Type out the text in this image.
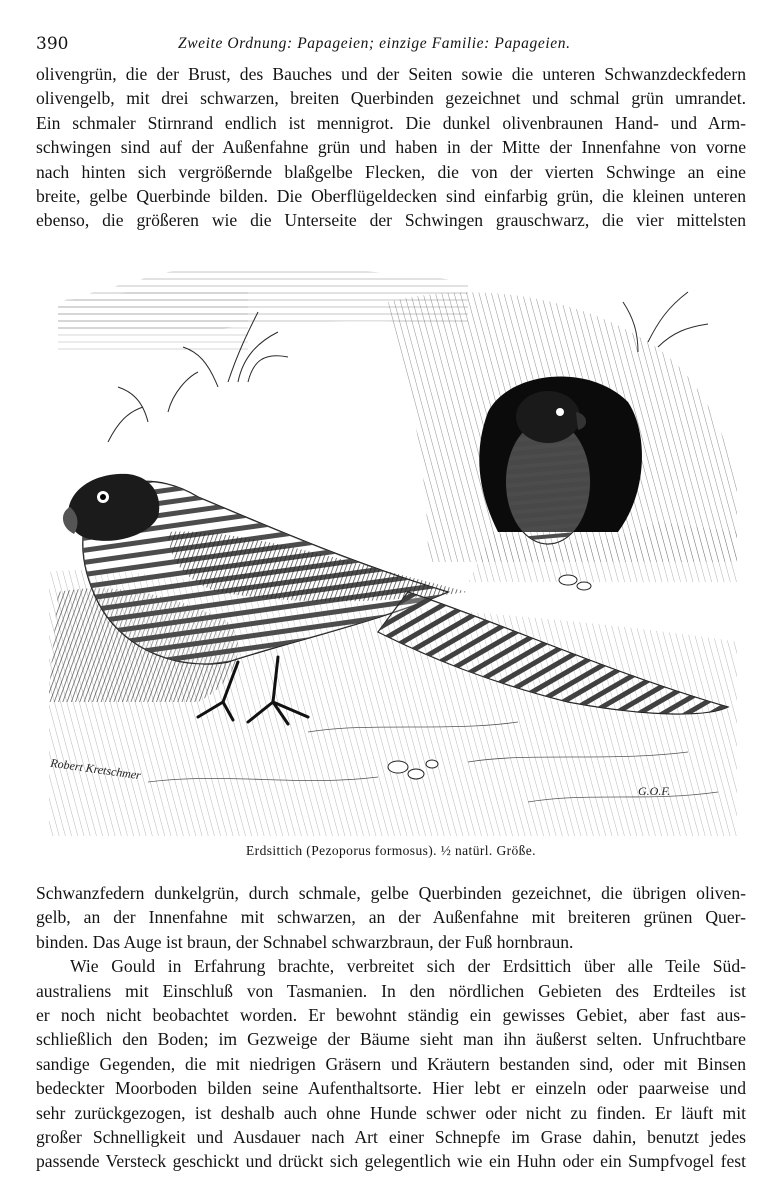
390	Zweite Ordnung: Papageien; einzige Familie: Papageien.
olivengrün, die der Brust, des Bauches und der Seiten sowie die unteren Schwanzdeckfedern
olivengelb, mit drei schwarzen, breiten Querbinden gezeichnet und schmal grün umrandet.
Ein schmaler Stirnrand endlich ist mennigrot. Die dunkel olivenbraunen Hand- und Arm-
schwingen sind auf der Außenfahne grün und haben in der Mitte der Innenfahne von vorne
nach hinten sich vergrößernde blaßgelbe Flecken, die von der vierten Schwinge an eine
breite, gelbe Querbinde bilden. Die Oberflügeldecken sind einfarbig grün, die kleinen unteren
ebenso, die größeren wie die Unterseite der Schwingen grauschwarz, die vier mittelsten
Robert Kretschmer
G.O.F.
Erdsittich (Pezoporus formosus). ½ natürl. Größe.
Schwanzfedern dunkelgrün, durch schmale, gelbe Querbinden gezeichnet, die übrigen oliven-
gelb, an der Innenfahne mit schwarzen, an der Außenfahne mit breiteren grünen Quer-
binden. Das Auge ist braun, der Schnabel schwarzbraun, der Fuß hornbraun.
Wie Gould in Erfahrung brachte, verbreitet sich der Erdsittich über alle Teile Süd-
australiens mit Einschluß von Tasmanien. In den nördlichen Gebieten des Erdteiles ist
er noch nicht beobachtet worden. Er bewohnt ständig ein gewisses Gebiet, aber fast aus-
schließlich den Boden; im Gezweige der Bäume sieht man ihn äußerst selten. Unfruchtbare
sandige Gegenden, die mit niedrigen Gräsern und Kräutern bestanden sind, oder mit Binsen
bedeckter Moorboden bilden seine Aufenthaltsorte. Hier lebt er einzeln oder paarweise und
sehr zurückgezogen, ist deshalb auch ohne Hunde schwer oder nicht zu finden. Er läuft mit
großer Schnelligkeit und Ausdauer nach Art einer Schnepfe im Grase dahin, benutzt jedes
passende Versteck geschickt und drückt sich gelegentlich wie ein Huhn oder ein Sumpfvogel fest
